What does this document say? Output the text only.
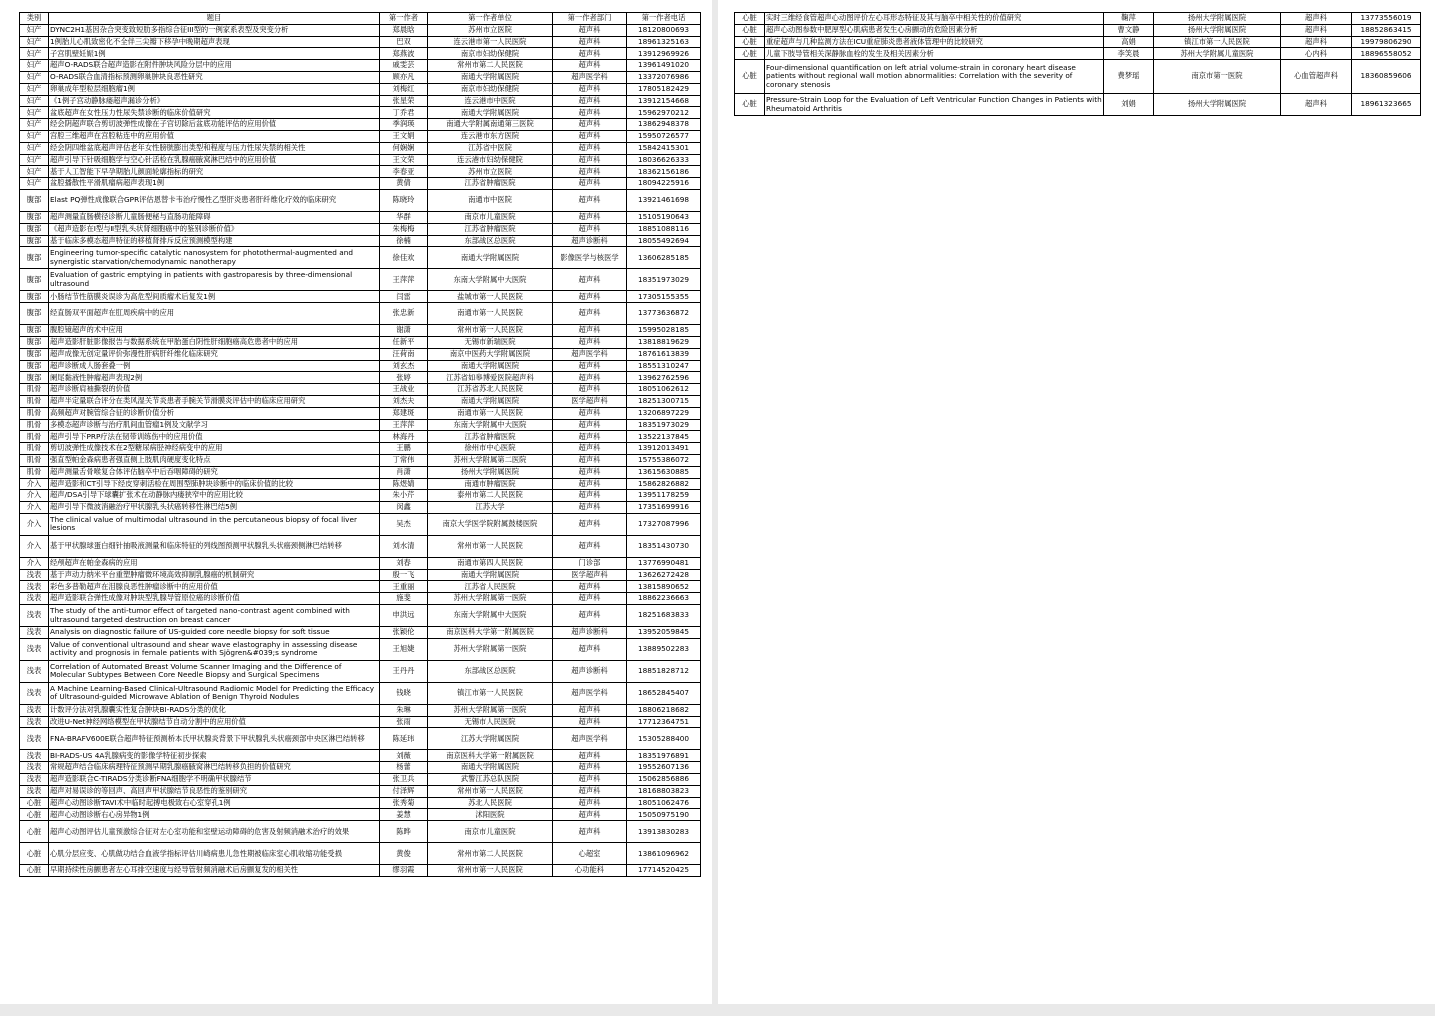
类别	题目	第一作者	第一作者单位	第一作者部门	第一作者电话
妇产	DYNC2H1基因杂合突变致短肋多指综合征III型的一例家系表型及突变分析	郑晨晗	苏州市立医院	超声科	18120800693
妇产	1例胎儿心肌致密化不全伴三尖瓣下移孕中晚期超声表现	巴双	连云港市第一人民医院	超声科	18961325163
妇产	子宫肌壁妊娠1例	郑燕波	南京市妇幼保健院	超声科	13912969926
妇产	超声O-RADS联合超声造影在附件肿块风险分层中的应用	戚雯芸	常州市第二人民医院	超声科	13961491020
妇产	O-RADS联合血清指标预测卵巢肿块良恶性研究	顾亦凡	南通大学附属医院	超声医学科	13372076986
妇产	卵巢成年型粒层细胞瘤1例	刘梅红	南京市妇幼保健院	超声科	17805182429
妇产	《1例子宫动静脉瘘超声漏诊分析》	张星荣	连云港市中医院	超声科	13912154668
妇产	盆底超声在女性压力性尿失禁诊断的临床价值研究	丁乔君	南通大学附属医院	超声科	15962970212
妇产	经会阴超声联合剪切波弹性成像在子宫切除后盆底功能评估的应用价值	季润瑛	南通大学附属南通第三医院	超声科	13862948378
妇产	宫腔三维超声在宫腔粘连中的应用价值	王文娟	连云港市东方医院	超声科	15950726577
妇产	经会阴四维盆底超声评估老年女性膀胱膨出类型和程度与压力性尿失禁的相关性	何娴娴	江苏省中医院	超声科	15842415301
妇产	超声引导下针吸细胞学与空心针活检在乳腺癌腋窝淋巴结中的应用价值	王文荣	连云港市妇幼保健院	超声科	18036626333
妇产	基于人工智能下早孕期胎儿颜面轮廓指标的研究	李春亚	苏州市立医院	超声科	18362156186
妇产	盆腔播散性平滑肌瘤病超声表现1例	黄倩	江苏省肿瘤医院	超声科	18094225916
腹部	Elast PQ弹性成像联合GPR评估恩替卡韦治疗慢性乙型肝炎患者肝纤维化疗效的临床研究	陈晓玲	南通市中医院	超声科	13921461698
腹部	超声测量直肠横径诊断儿童肠便秘与直肠功能障碍	华群	南京市儿童医院	超声科	15105190643
腹部	《超声造影在Ⅰ型与Ⅱ型乳头状肾细胞癌中的鉴别诊断价值》	朱梅梅	江苏省肿瘤医院	超声科	18851088116
腹部	基于临床多模态超声特征的移植肾排斥反应预测模型构建	徐楠	东部战区总医院	超声诊断科	18055492694
腹部	Engineering tumor-specific catalytic nanosystem for photothermal-augmented and synergistic starvation/chemodynamic nanotherapy	徐佳欢	南通大学附属医院	影像医学与核医学	13606285185
腹部	Evaluation of gastric emptying in patients with gastroparesis by three-dimensional ultrasound	王萍萍	东南大学附属中大医院	超声科	18351973029
腹部	小肠结节性筋膜炎误诊为高危型间质瘤术后复发1例	闫雷	盐城市第一人民医院	超声科	17305155355
腹部	经直肠双平面超声在肛周疾病中的应用	张忠新	南通市第一人民医院	超声科	13773636872
腹部	腹腔镜超声的术中应用	谢潇	常州市第一人民医院	超声科	15995028185
腹部	超声造影肝脏影像报告与数据系统在甲胎蛋白阴性肝细胞癌高危患者中的应用	任新平	无锡市新瑞医院	超声科	13818819629
腹部	超声成像无创定量评价弥漫性肝病肝纤维化临床研究	汪荷南	南京中医药大学附属医院	超声医学科	18761613839
腹部	超声诊断成人肠套叠一例	刘玄杰	南通大学附属医院	超声科	18551310247
腹部	阑尾黏液性肿瘤超声表现2例	张婷	江苏省如皋博爱医院超声科	超声科	13962762596
肌骨	超声诊断肩袖撕裂的价值	王战业	江苏省苏北人民医院	超声科	18051062612
肌骨	超声半定量联合评分在类风湿关节炎患者手腕关节滑膜炎评估中的临床应用研究	刘杰夫	南通大学附属医院	医学超声科	18251300715
肌骨	高频超声对腕管综合征的诊断价值分析	郑建斑	南通市第一人民医院	超声科	13206897229
肌骨	多模态超声诊断与治疗肌间血管瘤1例及文献学习	王萍萍	东南大学附属中大医院	超声科	18351973029
肌骨	超声引导下PRP疗法在韧带训练伤中的应用价值	林海丹	江苏省肿瘤医院	超声科	13522137845
肌骨	剪切波弹性成像技术在2型糖尿病胫神经病变中的应用	王鹏	徐州市中心医院	超声科	13912013491
肌骨	强直型帕金森病患者强直侧上肢肌肉硬度变化特点	丁常伟	苏州大学附属第二医院	超声科	15755386072
肌骨	超声测量舌骨喉复合体评估脑卒中后吞咽障碍的研究	肖潇	扬州大学附属医院	超声科	13615630885
介入	超声造影和CT引导下经皮穿刺活检在周围型肺肿块诊断中的临床价值的比较	陈煜婧	南通市肿瘤医院	超声科	15862826882
介入	超声/DSA引导下球囊扩张术在动静脉内瘘狭窄中的应用比较	朱小芹	泰州市第二人民医院	超声科	13951178259
介入	超声引导下微波消融治疗甲状腺乳头状癌转移性淋巴结5例	闵鑫	江苏大学	超声科	17351699916
介入	The clinical value of multimodal ultrasound in the percutaneous biopsy of focal liver lesions	吴杰	南京大学医学院附属鼓楼医院	超声科	17327087996
介入	基于甲状腺球蛋白细针抽吸液测量和临床特征的列线图预测甲状腺乳头状癌颈侧淋巴结转移	刘水清	常州市第一人民医院	超声科	18351430730
介入	经颅超声在帕金森病的应用	刘春	南通市第四人民医院	门诊部	13776990481
浅表	基于声动力纳米平台重塑肿瘤微环境高效抑制乳腺癌的机制研究	殷一飞	南通大学附属医院	医学超声科	13626272428
浅表	彩色多普勒超声在泪腺良恶性肿瘤诊断中的应用价值	王重丽	江苏省人民医院	超声科	13815890652
浅表	超声造影联合弹性成像对肿块型乳腺导管原位癌的诊断价值	施斐	苏州大学附属第一医院	超声科	18862236663
浅表	The study of the anti-tumor effect of targeted nano-contrast agent combined with ultrasound targeted destruction on breast cancer	申洪远	东南大学附属中大医院	超声科	18251683833
浅表	Analysis on diagnostic failure of US-guided core needle biopsy for soft tissue	张颖伦	南京医科大学第一附属医院	超声诊断科	13952059845
浅表	Value of conventional ultrasound and shear wave elastography in assessing disease activity and prognosis in female patients with Sjögren&#039;s syndrome	王旭婕	苏州大学附属第一医院	超声科	13889502283
浅表	Correlation of Automated Breast Volume Scanner Imaging and the Difference of Molecular Subtypes Between Core Needle Biopsy and Surgical Specimens	王丹丹	东部战区总医院	超声诊断科	18851828712
浅表	A Machine Learning-Based Clinical-Ultrasound Radiomic Model for Predicting the Efficacy of Ultrasound-guided Microwave Ablation of Benign Thyroid Nodules	钱晓	镇江市第一人民医院	超声医学科	18652845407
浅表	计数评分法对乳腺囊实性复合肿块BI-RADS分类的优化	朱琳	苏州大学附属第一医院	超声科	18806218682
浅表	改进U-Net神经网络模型在甲状腺结节自动分割中的应用价值	张雨	无锡市人民医院	超声科	17712364751
浅表	FNA-BRAFV600E联合超声特征预测桥本氏甲状腺炎背景下甲状腺乳头状癌颈部中央区淋巴结转移	陈延玮	江苏大学附属医院	超声医学科	15305288400
浅表	BI-RADS-US 4A乳腺病变的影像学特征初步探索	刘薇	南京医科大学第一附属医院	超声科	18351976891
浅表	常规超声结合临床病理特征预测早期乳腺癌腋窝淋巴结转移负担的价值研究	杨蕾	南通大学附属医院	超声科	19552607136
浅表	超声造影联合C-TIRADS分类诊断FNA细胞学不明确甲状腺结节	张卫兵	武警江苏总队医院	超声科	15062856886
浅表	超声对易误诊的等回声、高回声甲状腺结节良恶性的鉴别研究	付泽辉	常州市第一人民医院	超声科	18168803823
心脏	超声心动图诊断TAVI术中临时起搏电极致右心室穿孔1例	张秀菊	苏北人民医院	超声科	18051062476
心脏	超声心动图诊断右心房异物1例	姜慧	沭阳医院	超声科	15050975190
心脏	超声心动图评估儿童预激综合征对左心室功能和室壁运动障碍的危害及射频消融术治疗的效果	陈晔	南京市儿童医院	超声科	13913830283
心脏	心肌分层应变、心肌做功结合血液学指标评估川崎病患儿急性期被临床室心肌收缩功能受损	黄俊	常州市第二人民医院	心超室	13861096962
心脏	早期持续性房颤患者左心耳排空速度与经导管射频消融术后房颤复发的相关性	缪羽霞	常州市第一人民医院	心功能科	17714520425
心脏	实时三维经食管超声心动图评价左心耳形态特征及其与脑卒中相关性的价值研究	鞠萍	扬州大学附属医院	超声科	13773556019
心脏	超声心动图参数中肥厚型心肌病患者发生心房颤动的危险因素分析	曹文静	扬州大学附属医院	超声科	18852863415
心脏	重症超声与几种监测方法在ICU重症肺炎患者液体管理中的比较研究	高娟	镇江市第一人民医院	超声科	19979806290
心脏	儿童下肢导管相关深静脉血栓的发生及相关因素分析	李笑晨	苏州大学附属儿童医院	心内科	18896558052
心脏	Four-dimensional quantification on left atrial volume-strain in coronary heart disease patients without regional wall motion abnormalities: Correlation with the severity of coronary stenosis	费梦瑶	南京市第一医院	心血管超声科	18360859606
心脏	Pressure-Strain Loop for the Evaluation of Left Ventricular Function Changes in Patients with Rheumatoid Arthritis	刘娟	扬州大学附属医院	超声科	18961323665
